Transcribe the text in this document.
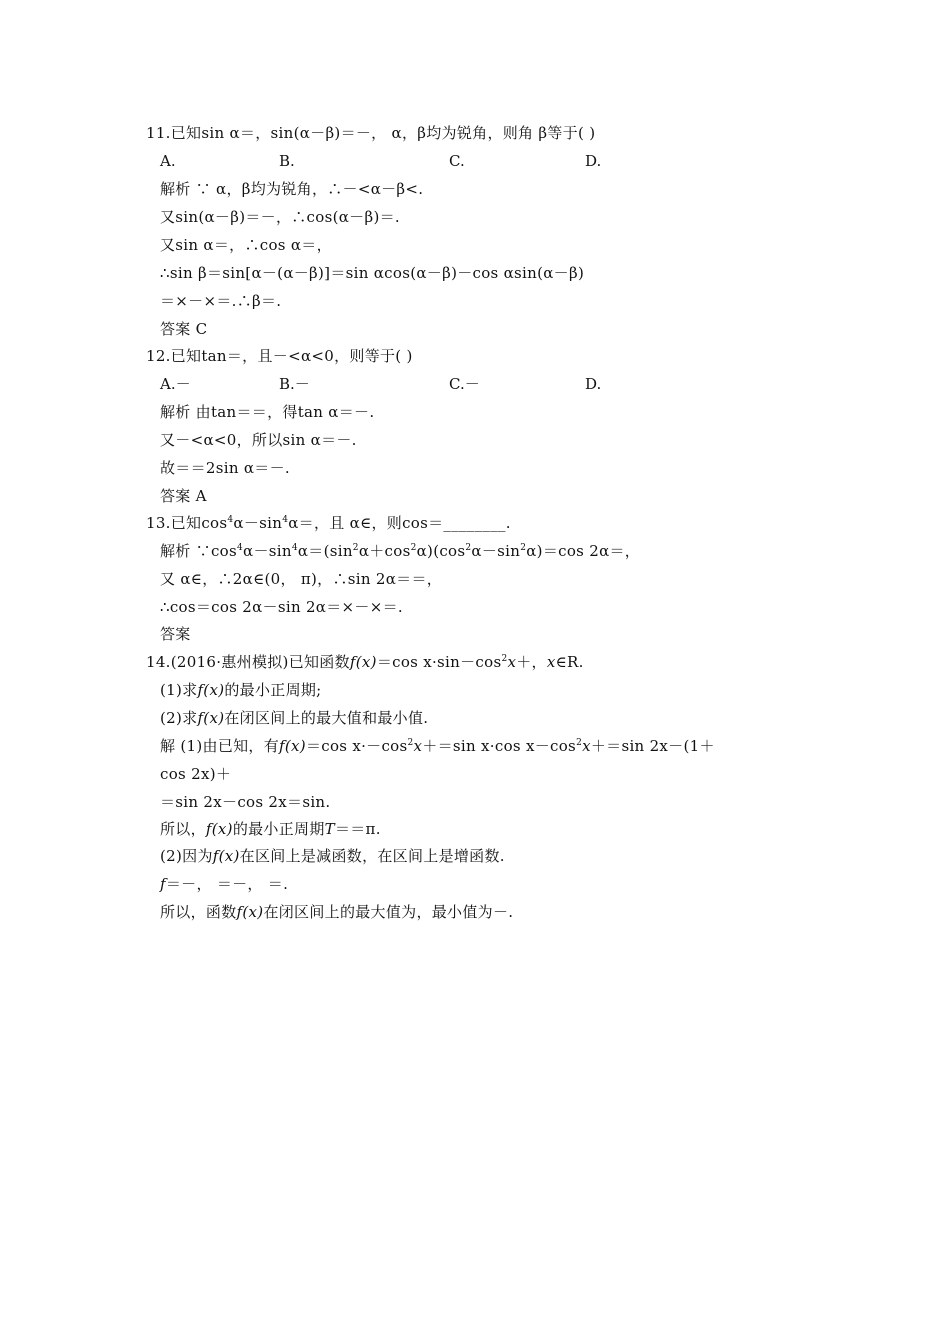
11.已知sin α＝，sin(α－β)＝－， α，β均为锐角，则角 β等于( )
A.	B.	C.	D.
解析 ∵ α，β均为锐角，∴－<α－β<.
又sin(α－β)＝－，∴cos(α－β)＝.
又sin α＝，∴cos α＝，
∴sin β＝sin[α－(α－β)]＝sin αcos(α－β)－cos αsin(α－β)
＝×－×＝.∴β＝.
答案 C
12.已知tan＝，且－<α<0，则等于( )
A.－	B.－	C.－	D.
解析 由tan＝＝，得tan α＝－.
又－<α<0，所以sin α＝－.
故＝＝2sin α＝－.
答案 A
13.已知$\cos^4\alpha-\sin^4\alpha=$，且 α∈，则cos＝________.
解析 $\because\cos^4\alpha-\sin^4\alpha=(\sin^2\alpha+\cos^2\alpha)(\cos^2\alpha-\sin^2\alpha)=\cos$ 2α＝，
又 α∈，∴2α∈(0， π)，∴sin 2α＝＝，
∴cos＝cos 2α－sin 2α＝×－×＝.
答案
14.(2016·惠州模拟)已知函数f(x)＝cos $x\cdot\sin-\cos^2x+$，x∈R.
(1)求f(x)的最小正周期;
(2)求f(x)在闭区间上的最大值和最小值.
解 (1)由已知，有f(x)＝cos $x\cdot-\cos^2x+=\sin$ x·cos $x-\cos^2x+=\sin$ 2x－(1＋
cos 2x)＋
＝sin 2x－cos 2x＝sin.
所以，f(x)的最小正周期T＝＝π.
(2)因为f(x)在区间上是减函数，在区间上是增函数.
f＝－， ＝－， ＝.
所以，函数f(x)在闭区间上的最大值为，最小值为－.
